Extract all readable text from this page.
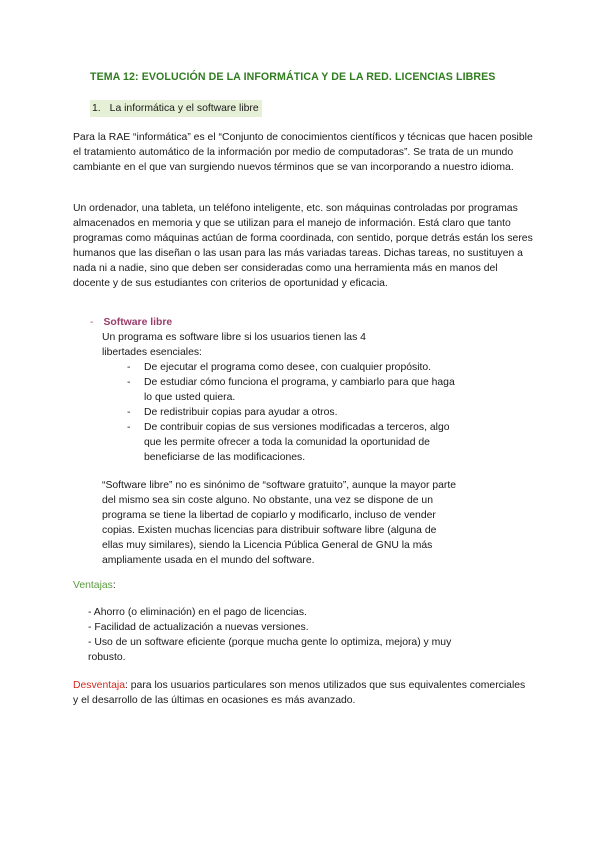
TEMA 12: EVOLUCIÓN DE LA INFORMÁTICA Y DE LA RED. LICENCIAS LIBRES
1. La informática y el software libre
Para la RAE “informática” es el “Conjunto de conocimientos científicos y técnicas que hacen posible el tratamiento automático de la información por medio de computadoras”. Se trata de un mundo cambiante en el que van surgiendo nuevos términos que se van incorporando a nuestro idioma.
Un ordenador, una tableta, un teléfono inteligente, etc. son máquinas controladas por programas almacenados en memoria y que se utilizan para el manejo de información. Está claro que tanto programas como máquinas actúan de forma coordinada, con sentido, porque detrás están los seres humanos que las diseñan o las usan para las más variadas tareas. Dichas tareas, no sustituyen a nada ni a nadie, sino que deben ser consideradas como una herramienta más en manos del docente y de sus estudiantes con criterios de oportunidad y eficacia.
- Software libre
Un programa es software libre si los usuarios tienen las 4 libertades esenciales:
- De ejecutar el programa como desee, con cualquier propósito.
- De estudiar cómo funciona el programa, y cambiarlo para que haga lo que usted quiera.
- De redistribuir copias para ayudar a otros.
- De contribuir copias de sus versiones modificadas a terceros, algo que les permite ofrecer a toda la comunidad la oportunidad de beneficiarse de las modificaciones.
“Software libre” no es sinónimo de “software gratuito”, aunque la mayor parte del mismo sea sin coste alguno. No obstante, una vez se dispone de un programa se tiene la libertad de copiarlo y modificarlo, incluso de vender copias. Existen muchas licencias para distribuir software libre (alguna de ellas muy similares), siendo la Licencia Pública General de GNU la más ampliamente usada en el mundo del software.
Ventajas:
- Ahorro (o eliminación) en el pago de licencias.
- Facilidad de actualización a nuevas versiones.
- Uso de un software eficiente (porque mucha gente lo optimiza, mejora) y muy robusto.
Desventaja: para los usuarios particulares son menos utilizados que sus equivalentes comerciales y el desarrollo de las últimas en ocasiones es más avanzado.
